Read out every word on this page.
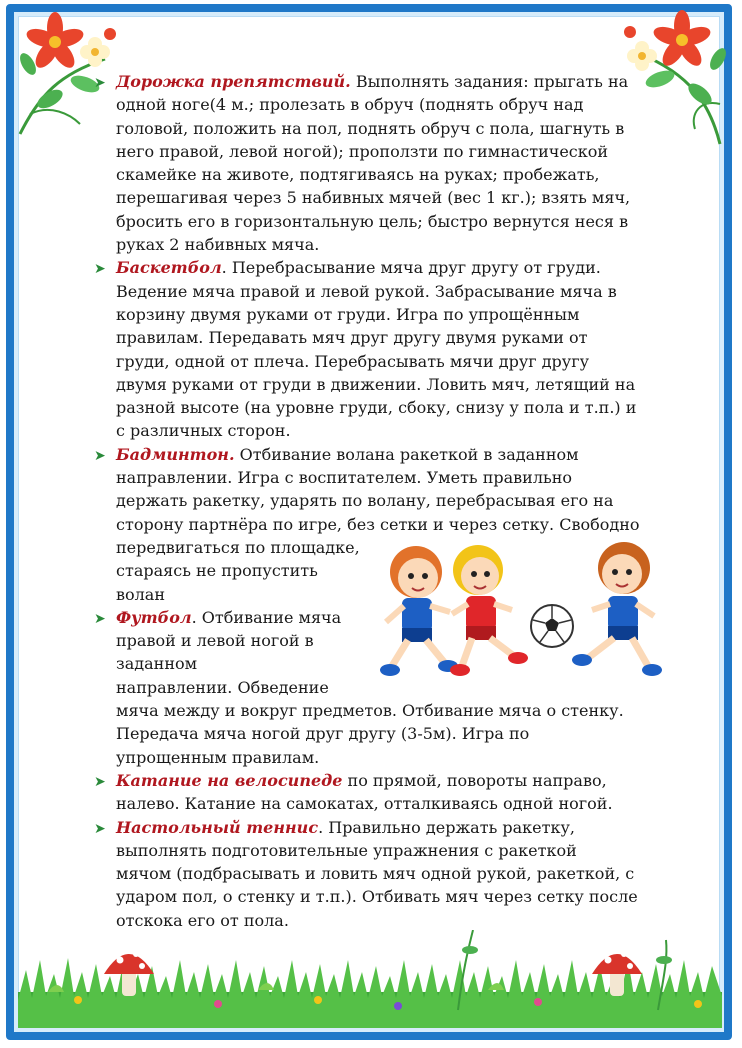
➤ Дорожка препятствий. Выполнять задания: прыгать на
одной ноге(4 м.; пролезать в обруч (поднять обруч над
головой, положить на пол, поднять обруч с пола, шагнуть в
него правой, левой ногой); проползти по гимнастической
скамейке на животе, подтягиваясь на руках; пробежать,
перешагивая через 5 набивных мячей (вес 1 кг.); взять мяч,
бросить его в горизонтальную цель; быстро вернутся неся в
руках 2 набивных мяча.
➤ Баскетбол. Перебрасывание мяча друг другу от груди.
Ведение мяча правой и левой рукой. Забрасывание мяча в
корзину двумя руками от груди. Игра по упрощённым
правилам. Передавать мяч друг другу двумя руками от
груди, одной от плеча. Перебрасывать мячи друг другу
двумя руками от груди в движении. Ловить мяч, летящий на
разной высоте (на уровне груди, сбоку, снизу у пола и т.п.) и
с различных сторон.
➤ Бадминтон. Отбивание волана ракеткой в заданном
направлении. Игра с воспитателем. Уметь правильно
держать ракетку, ударять по волану, перебрасывая его на
сторону партнёра по игре, без сетки и через сетку. Свободно
передвигаться по площадке,
стараясь не пропустить
волан
➤ Футбол. Отбивание мяча
правой и левой ногой в
заданном
направлении. Обведение
мяча между и вокруг предметов. Отбивание мяча о стенку.
Передача мяча ногой друг другу (3-5м). Игра по
упрощенным правилам.
➤ Катание на велосипеде по прямой, повороты направо,
налево. Катание на самокатах, отталкиваясь одной ногой.
➤ Настольный теннис. Правильно держать ракетку,
выполнять подготовительные упражнения с ракеткой
мячом (подбрасывать и ловить мяч одной рукой, ракеткой, с
ударом пол, о стенку и т.п.). Отбивать мяч через сетку после
отскока его от пола.
